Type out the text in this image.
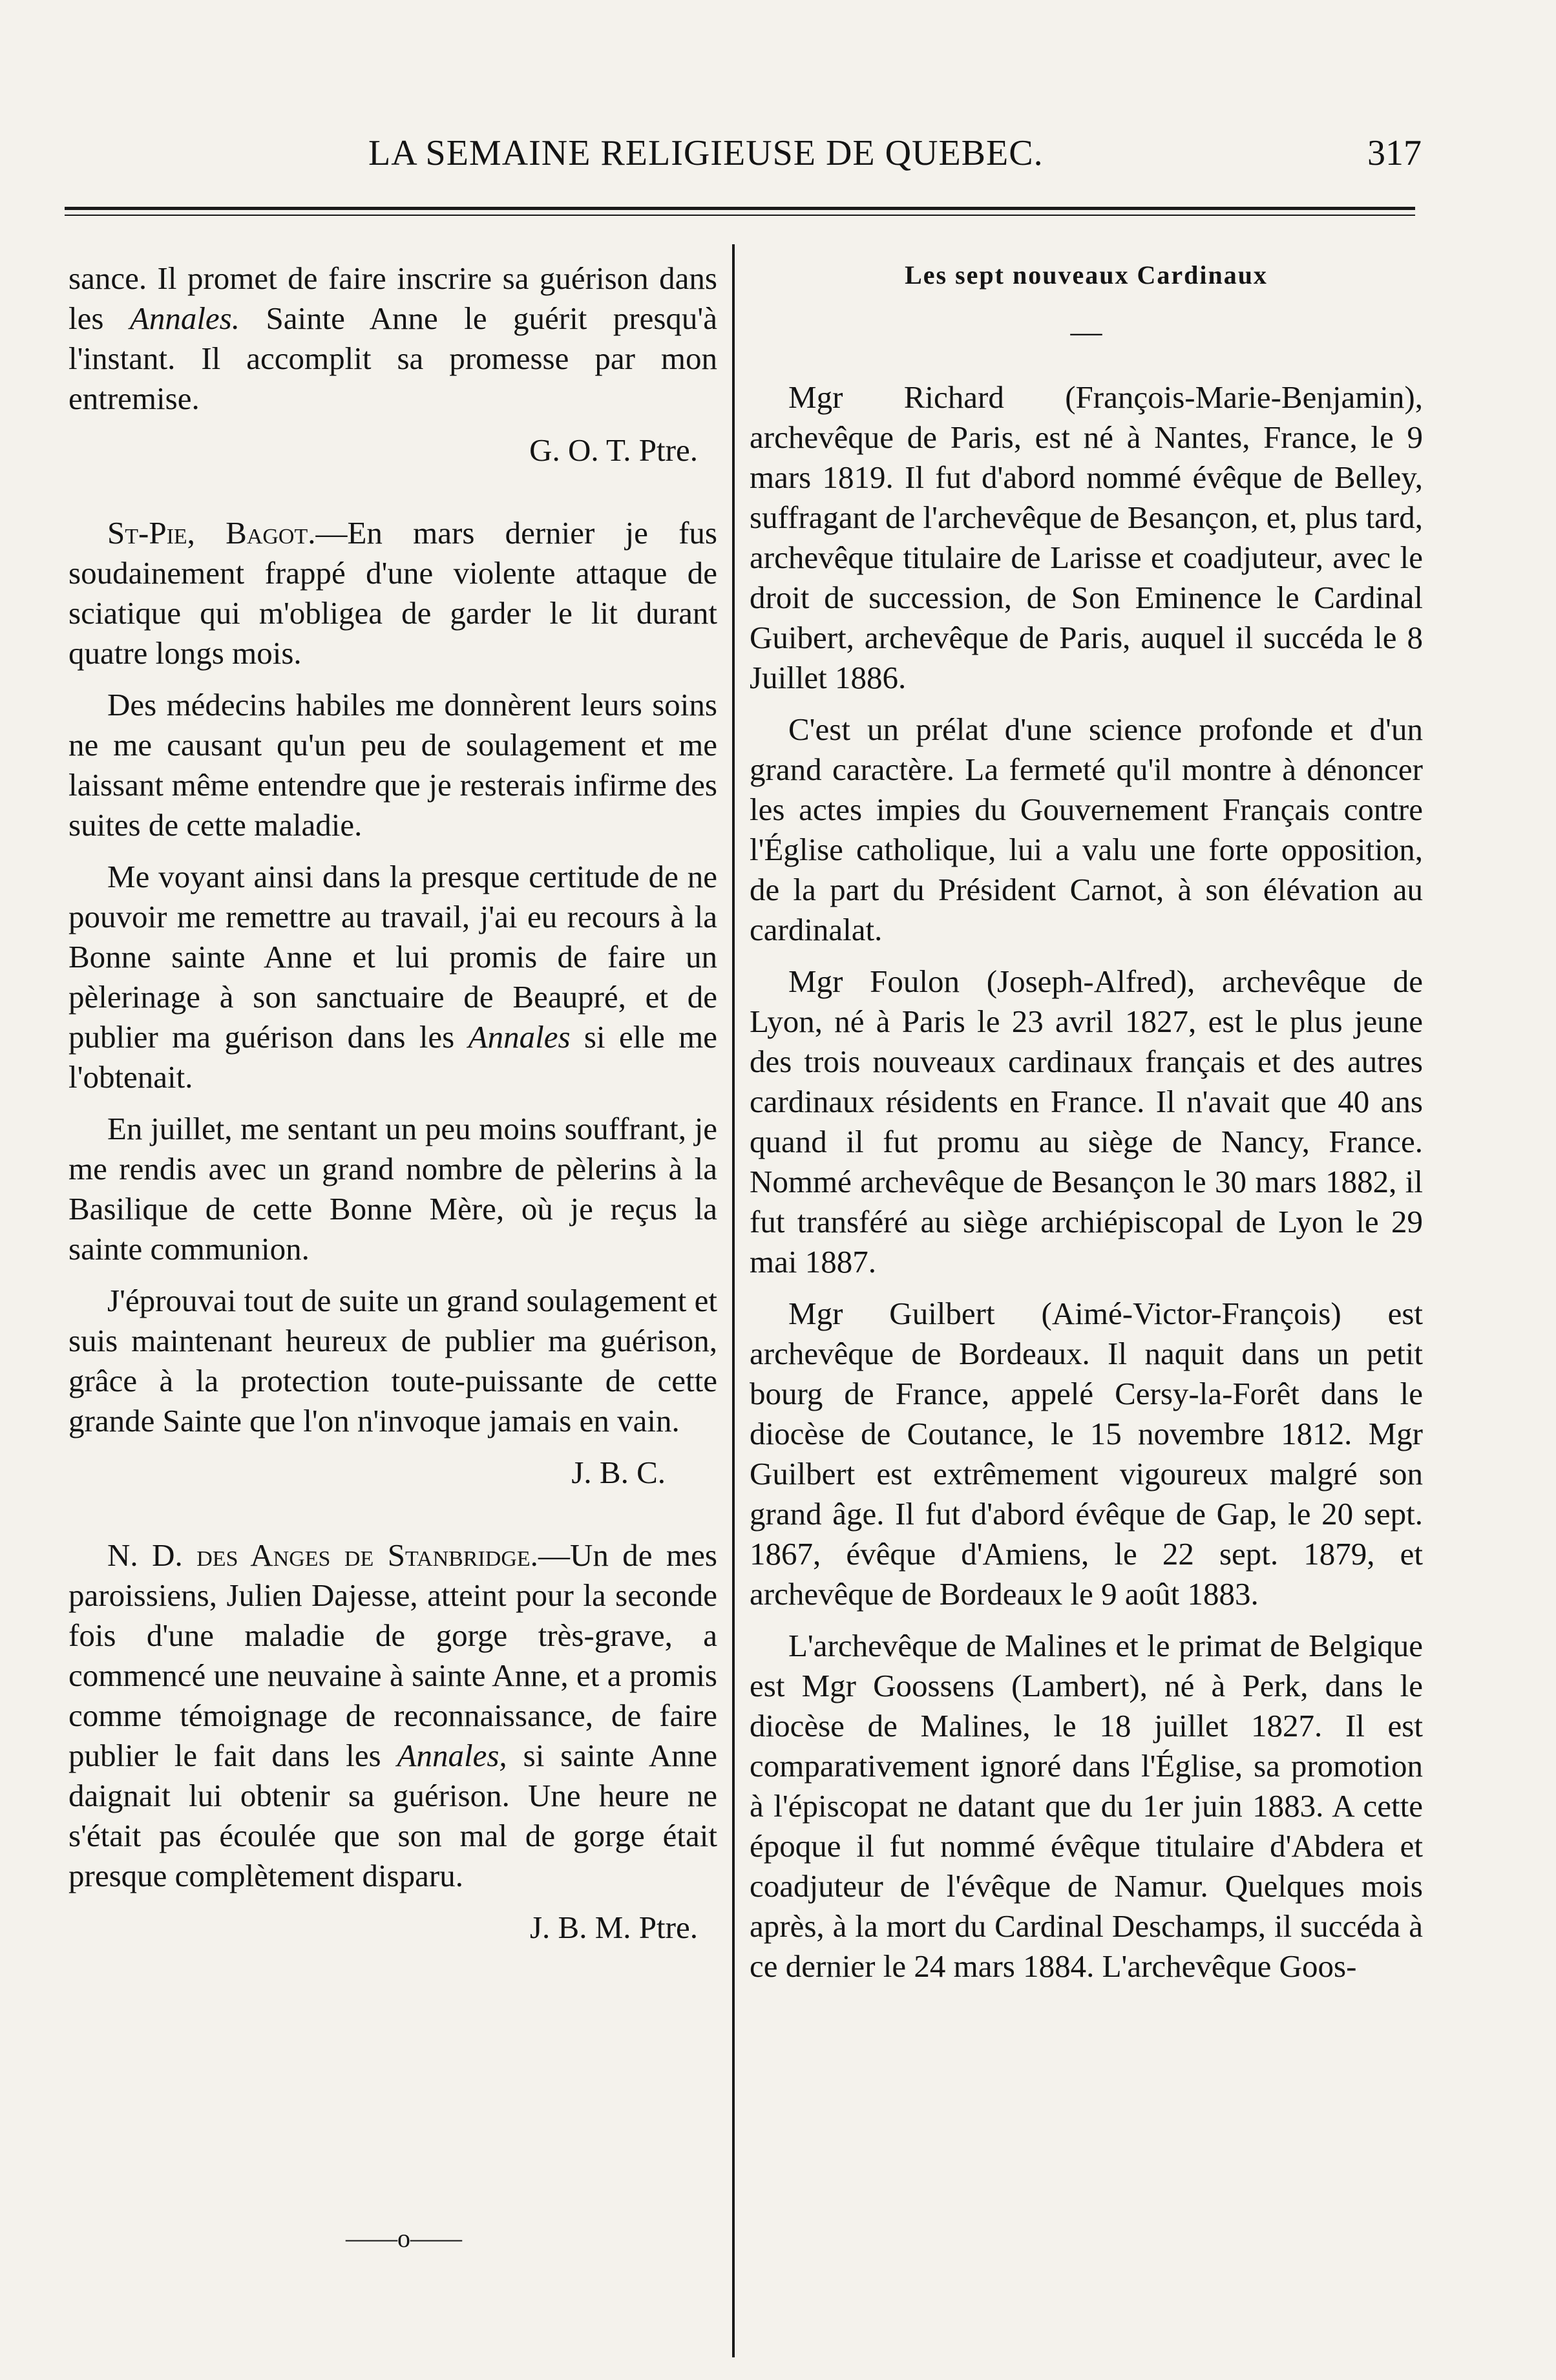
LA SEMAINE RELIGIEUSE DE QUEBEC.	317

sance. Il promet de faire inscrire sa guérison dans les Annales. Sainte Anne le guérit presqu'à l'instant. Il accomplit sa promesse par mon entremise.

G. O. T. Ptre.

St-Pie, Bagot.—En mars dernier je fus soudainement frappé d'une violente attaque de sciatique qui m'obligea de garder le lit durant quatre longs mois.

Des médecins habiles me donnèrent leurs soins ne me causant qu'un peu de soulagement et me laissant même entendre que je resterais infirme des suites de cette maladie.

Me voyant ainsi dans la presque certitude de ne pouvoir me remettre au travail, j'ai eu recours à la Bonne sainte Anne et lui promis de faire un pèlerinage à son sanctuaire de Beaupré, et de publier ma guérison dans les Annales si elle me l'obtenait.

En juillet, me sentant un peu moins souffrant, je me rendis avec un grand nombre de pèlerins à la Basilique de cette Bonne Mère, où je reçus la sainte communion.

J'éprouvai tout de suite un grand soulagement et suis maintenant heureux de publier ma guérison, grâce à la protection toute-puissante de cette grande Sainte que l'on n'invoque jamais en vain.

J. B. C.

N. D. des Anges de Stanbridge.—Un de mes paroissiens, Julien Dajesse, atteint pour la seconde fois d'une maladie de gorge très-grave, a commencé une neuvaine à sainte Anne, et a promis comme témoignage de reconnaissance, de faire publier le fait dans les Annales, si sainte Anne daignait lui obtenir sa guérison. Une heure ne s'était pas écoulée que son mal de gorge était presque complètement disparu.

J. B. M. Ptre.

——o——
Les sept nouveaux Cardinaux
—

Mgr Richard (François-Marie-Benjamin), archevêque de Paris, est né à Nantes, France, le 9 mars 1819. Il fut d'abord nommé évêque de Belley, suffragant de l'archevêque de Besançon, et, plus tard, archevêque titulaire de Larisse et coadjuteur, avec le droit de succession, de Son Eminence le Cardinal Guibert, archevêque de Paris, auquel il succéda le 8 Juillet 1886.

C'est un prélat d'une science profonde et d'un grand caractère. La fermeté qu'il montre à dénoncer les actes impies du Gouvernement Français contre l'Église catholique, lui a valu une forte opposition, de la part du Président Carnot, à son élévation au cardinalat.

Mgr Foulon (Joseph-Alfred), archevêque de Lyon, né à Paris le 23 avril 1827, est le plus jeune des trois nouveaux cardinaux français et des autres cardinaux résidents en France. Il n'avait que 40 ans quand il fut promu au siège de Nancy, France. Nommé archevêque de Besançon le 30 mars 1882, il fut transféré au siège archiépiscopal de Lyon le 29 mai 1887.

Mgr Guilbert (Aimé-Victor-François) est archevêque de Bordeaux. Il naquit dans un petit bourg de France, appelé Cersy-la-Forêt dans le diocèse de Coutance, le 15 novembre 1812. Mgr Guilbert est extrêmement vigoureux malgré son grand âge. Il fut d'abord évêque de Gap, le 20 sept. 1867, évêque d'Amiens, le 22 sept. 1879, et archevêque de Bordeaux le 9 août 1883.

L'archevêque de Malines et le primat de Belgique est Mgr Goossens (Lambert), né à Perk, dans le diocèse de Malines, le 18 juillet 1827. Il est comparativement ignoré dans l'Église, sa promotion à l'épiscopat ne datant que du 1er juin 1883. A cette époque il fut nommé évêque titulaire d'Abdera et coadjuteur de l'évêque de Namur. Quelques mois après, à la mort du Cardinal Deschamps, il succéda à ce dernier le 24 mars 1884. L'archevêque Goos-
